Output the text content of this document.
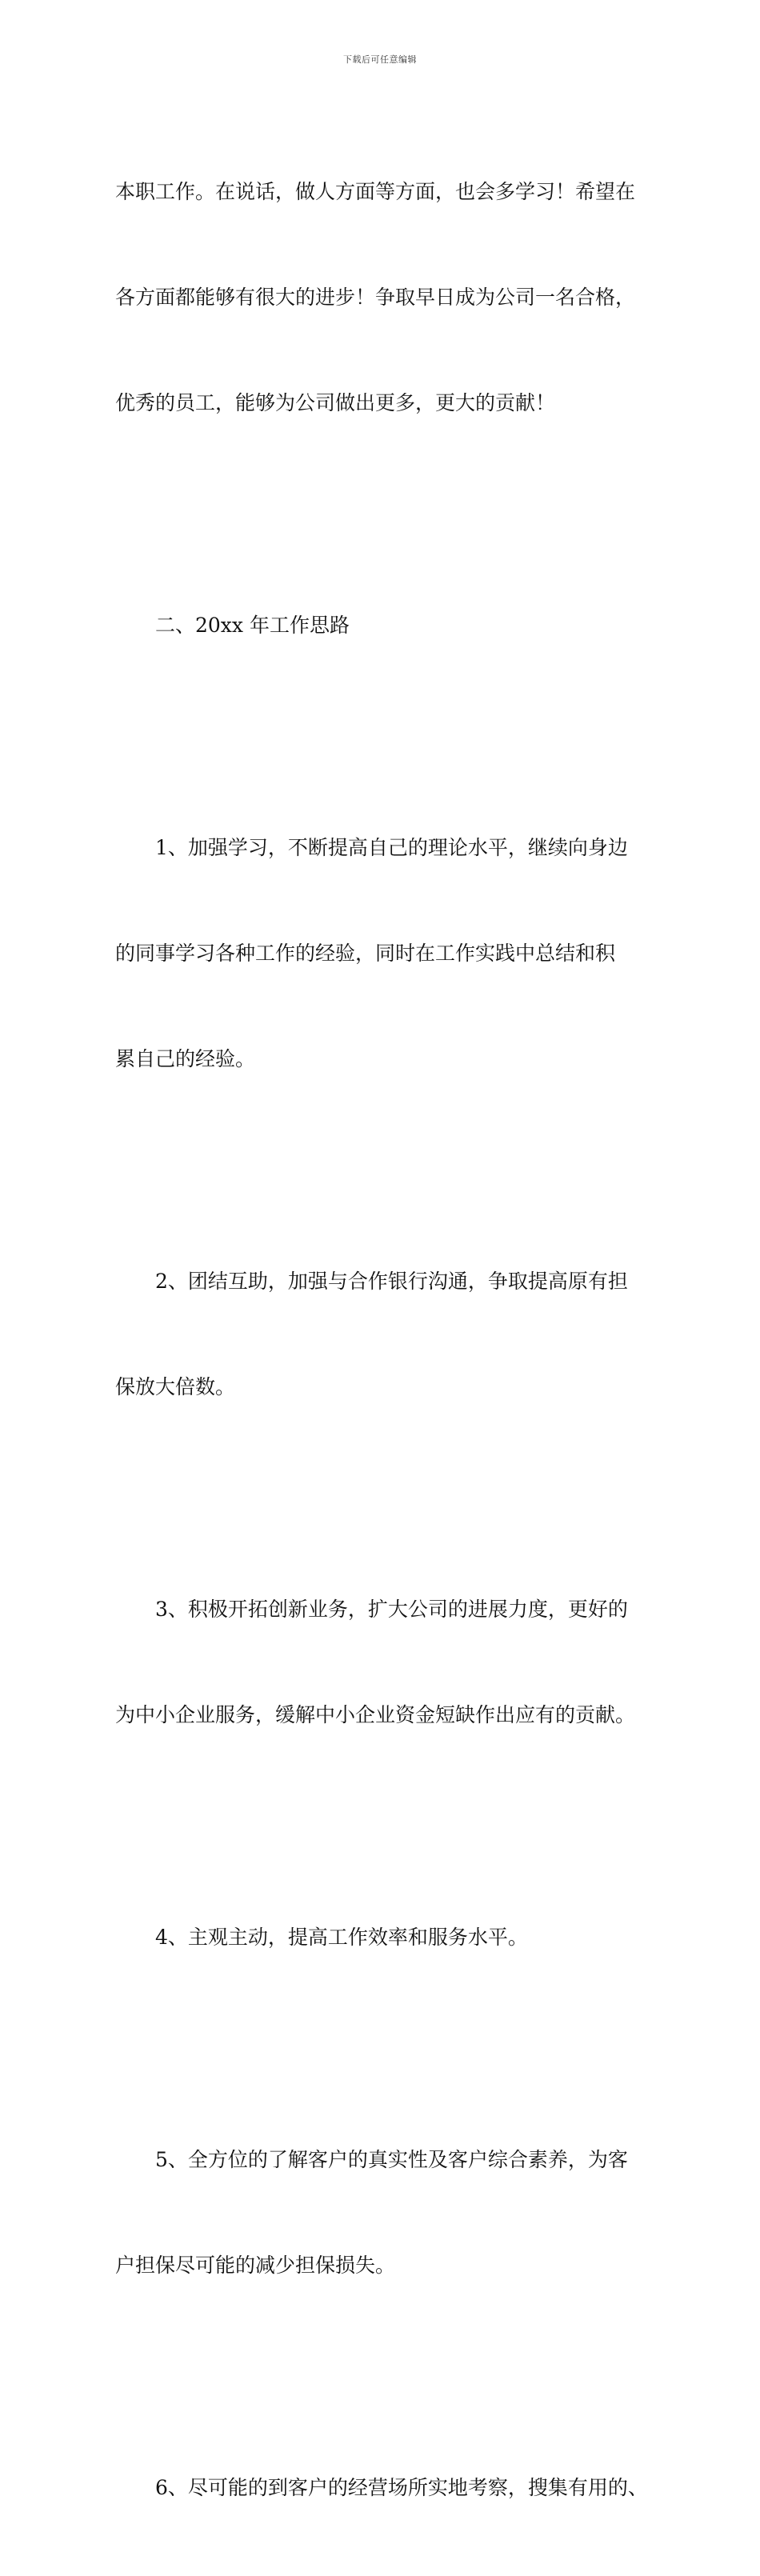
下载后可任意编辑

本职工作。在说话，做人方面等方面，也会多学习！希望在

各方面都能够有很大的进步！争取早日成为公司一名合格，

优秀的员工，能够为公司做出更多，更大的贡献！

二、20xx 年工作思路

1、加强学习，不断提高自己的理论水平，继续向身边

的同事学习各种工作的经验，同时在工作实践中总结和积

累自己的经验。

2、团结互助，加强与合作银行沟通，争取提高原有担

保放大倍数。

3、积极开拓创新业务，扩大公司的进展力度，更好的

为中小企业服务，缓解中小企业资金短缺作出应有的贡献。

4、主观主动，提高工作效率和服务水平。

5、全方位的了解客户的真实性及客户综合素养，为客

户担保尽可能的减少担保损失。

6、尽可能的到客户的经营场所实地考察，搜集有用的、
